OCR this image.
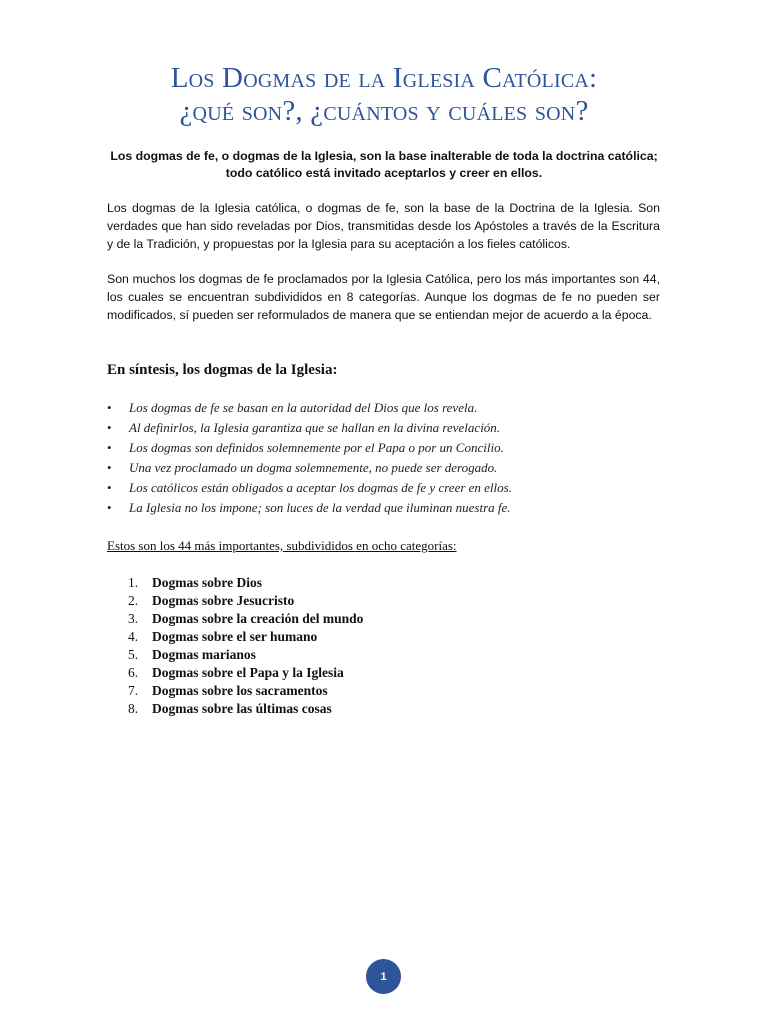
Los Dogmas de la Iglesia Católica:
¿qué son?, ¿cuántos y cuáles son?
Los dogmas de fe, o dogmas de la Iglesia, son la base inalterable de toda la doctrina católica; todo católico está invitado aceptarlos y creer en ellos.

Los dogmas de la Iglesia católica, o dogmas de fe, son la base de la Doctrina de la Iglesia. Son verdades que han sido reveladas por Dios, transmitidas desde los Apóstoles a través de la Escritura y de la Tradición, y propuestas por la Iglesia para su aceptación a los fieles católicos.

Son muchos los dogmas de fe proclamados por la Iglesia Católica, pero los más importantes son 44, los cuales se encuentran subdivididos en 8 categorías. Aunque los dogmas de fe no pueden ser modificados, sí pueden ser reformulados de manera que se entiendan mejor de acuerdo a la época.

En síntesis, los dogmas de la Iglesia:
• Los dogmas de fe se basan en la autoridad del Dios que los revela.
• Al definirlos, la Iglesia garantiza que se hallan en la divina revelación.
• Los dogmas son definidos solemnemente por el Papa o por un Concilio.
• Una vez proclamado un dogma solemnemente, no puede ser derogado.
• Los católicos están obligados a aceptar los dogmas de fe y creer en ellos.
• La Iglesia no los impone; son luces de la verdad que iluminan nuestra fe.
Estos son los 44 más importantes, subdivididos en ocho categorías:
1. Dogmas sobre Dios
2. Dogmas sobre Jesucristo
3. Dogmas sobre la creación del mundo
4. Dogmas sobre el ser humano
5. Dogmas marianos
6. Dogmas sobre el Papa y la Iglesia
7. Dogmas sobre los sacramentos
8. Dogmas sobre las últimas cosas
1
